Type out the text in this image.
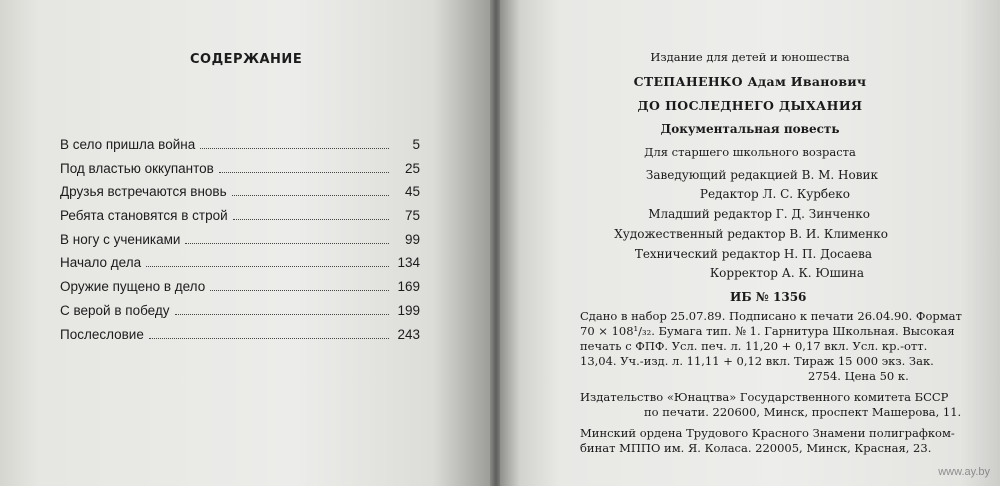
СОДЕРЖАНИЕ
В село пришла война	5
Под властью оккупантов	25
Друзья встречаются вновь	45
Ребята становятся в строй	75
В ногу с учениками	99
Начало дела	134
Оружие пущено в дело	169
С верой в победу	199
Послесловие	243
Издание для детей и юношества
СТЕПАНЕНКО Адам Иванович
ДО ПОСЛЕДНЕГО ДЫХАНИЯ
Документальная повесть
Для старшего школьного возраста
Заведующий редакцией В. М. Новик
Редактор Л. С. Курбеко
Младший редактор Г. Д. Зинченко
Художественный редактор В. И. Клименко
Технический редактор Н. П. Досаева
Корректор А. К. Юшина
ИБ № 1356
Сдано в набор 25.07.89. Подписано к печати 26.04.90. Формат
70 × 108¹/₃₂. Бумага тип. № 1. Гарнитура Школьная. Высокая
печать с ФПФ. Усл. печ. л. 11,20 + 0,17 вкл. Усл. кр.-отт.
13,04. Уч.-изд. л. 11,11 + 0,12 вкл. Тираж 15 000 экз. Зак.
2754. Цена 50 к.
Издательство «Юнацтва» Государственного комитета БССР
по печати. 220600, Минск, проспект Машерова, 11.
Минский ордена Трудового Красного Знамени полиграфком-
бинат МППО им. Я. Коласа. 220005, Минск, Красная, 23.
www.ay.by
